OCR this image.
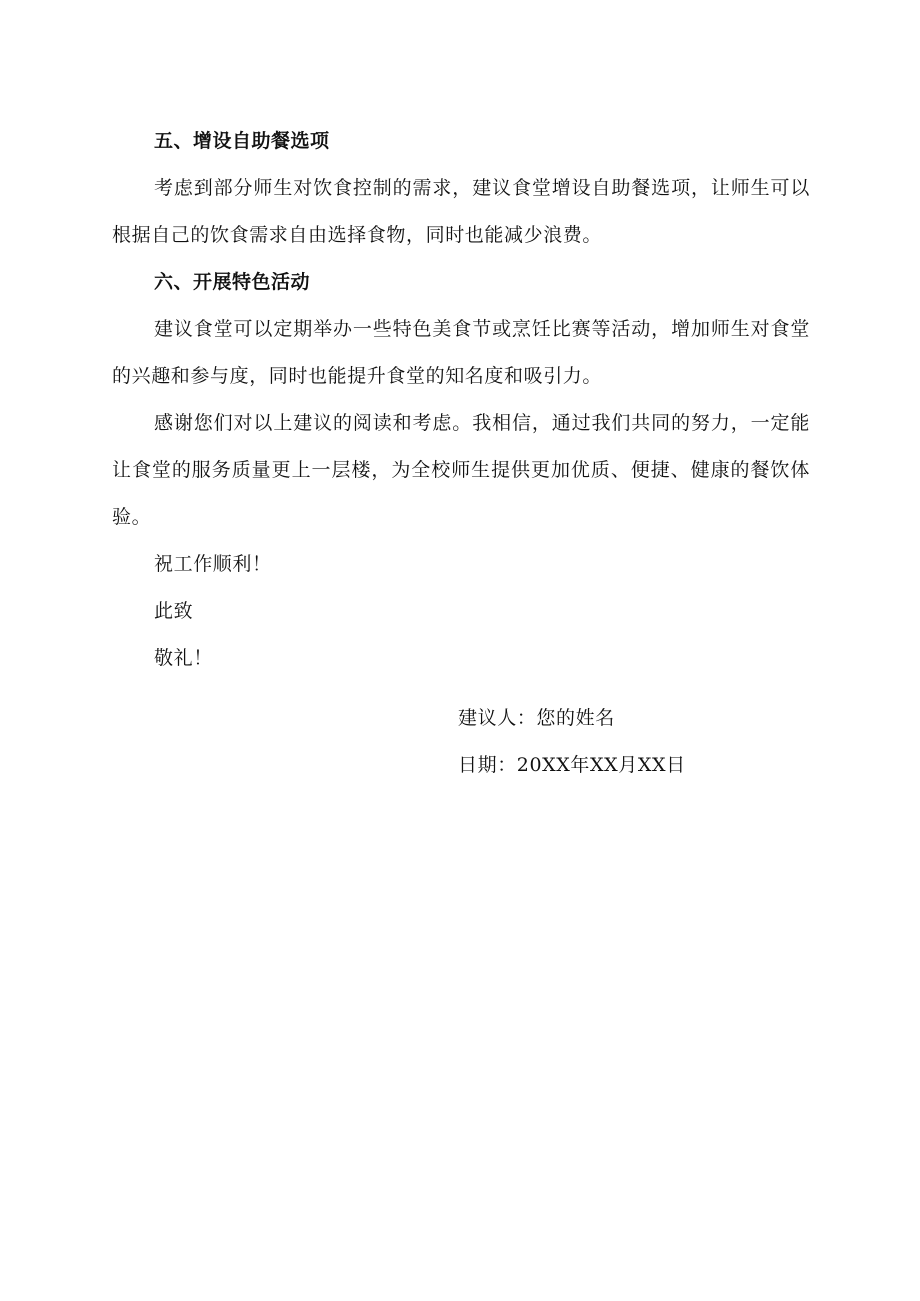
五、增设自助餐选项

考虑到部分师生对饮食控制的需求，建议食堂增设自助餐选项，让师生可以根据自己的饮食需求自由选择食物，同时也能减少浪费。

六、开展特色活动

建议食堂可以定期举办一些特色美食节或烹饪比赛等活动，增加师生对食堂的兴趣和参与度，同时也能提升食堂的知名度和吸引力。

感谢您们对以上建议的阅读和考虑。我相信，通过我们共同的努力，一定能让食堂的服务质量更上一层楼，为全校师生提供更加优质、便捷、健康的餐饮体验。

祝工作顺利！

此致

敬礼！

建议人：您的姓名

日期：20XX年XX月XX日
